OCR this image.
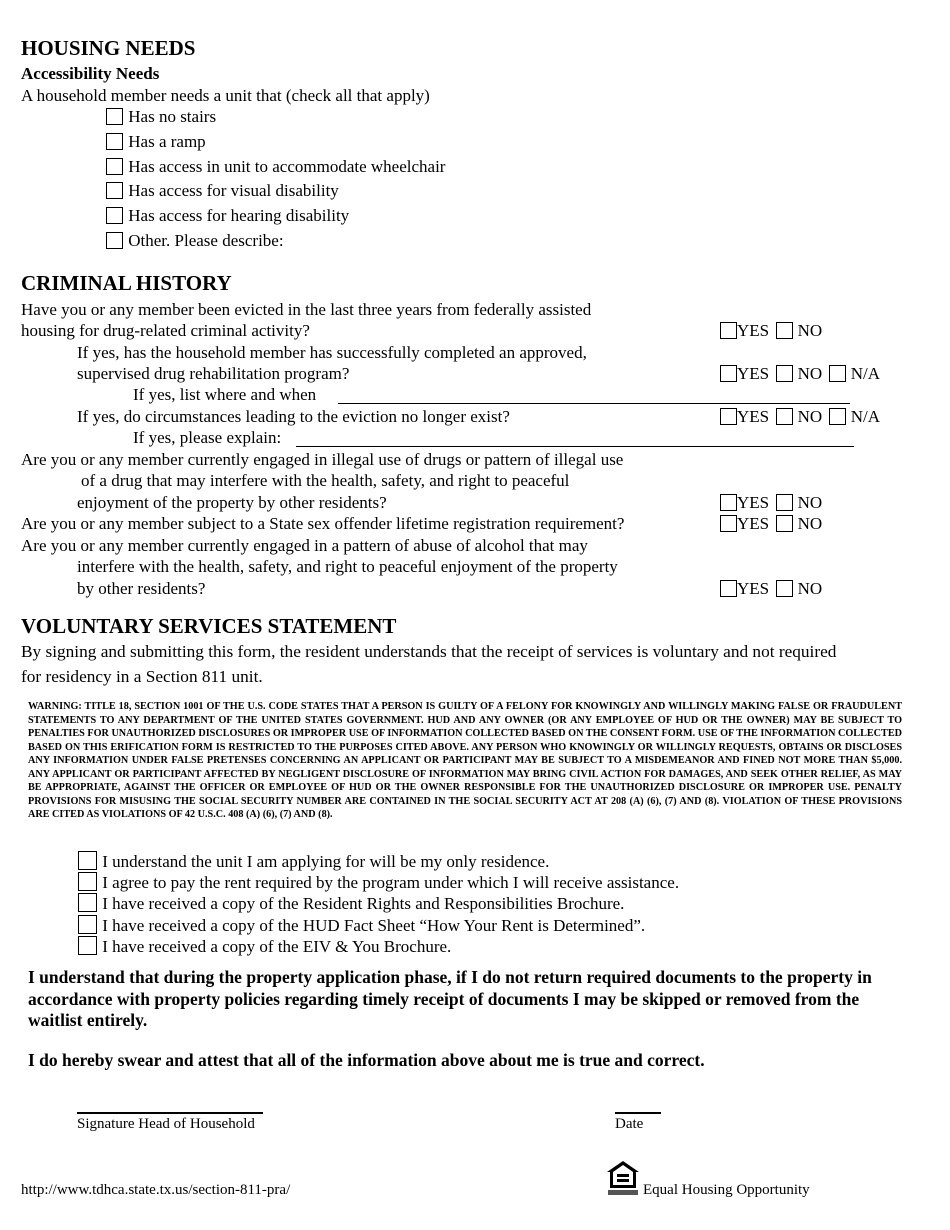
HOUSING NEEDS
Accessibility Needs
A household member needs a unit that (check all that apply)
Has no stairs
Has a ramp
Has access in unit to accommodate wheelchair
Has access for visual disability
Has access for hearing disability
Other. Please describe:
CRIMINAL HISTORY
Have you or any member been evicted in the last three years from federally assisted
housing for drug-related criminal activity?	YES NO
If yes, has the household member has successfully completed an approved,
supervised drug rehabilitation program?	YES NO N/A
If yes, list where and when
If yes, do circumstances leading to the eviction no longer exist?	YES NO N/A
If yes, please explain:
Are you or any member currently engaged in illegal use of drugs or pattern of illegal use
of a drug that may interfere with the health, safety, and right to peaceful
enjoyment of the property by other residents?	YES NO
Are you or any member subject to a State sex offender lifetime registration requirement?	YES NO
Are you or any member currently engaged in a pattern of abuse of alcohol that may
interfere with the health, safety, and right to peaceful enjoyment of the property
by other residents?	YES NO
VOLUNTARY SERVICES STATEMENT
By signing and submitting this form, the resident understands that the receipt of services is voluntary and not required
for residency in a Section 811 unit.
WARNING: TITLE 18, SECTION 1001 OF THE U.S. CODE STATES THAT A PERSON IS GUILTY OF A FELONY FOR KNOWINGLY AND WILLINGLY MAKING FALSE OR FRAUDULENT STATEMENTS TO ANY DEPARTMENT OF THE UNITED STATES GOVERNMENT. HUD AND ANY OWNER (OR ANY EMPLOYEE OF HUD OR THE OWNER) MAY BE SUBJECT TO PENALTIES FOR UNAUTHORIZED DISCLOSURES OR IMPROPER USE OF INFORMATION COLLECTED BASED ON THE CONSENT FORM. USE OF THE INFORMATION COLLECTED BASED ON THIS ERIFICATION FORM IS RESTRICTED TO THE PURPOSES CITED ABOVE. ANY PERSON WHO KNOWINGLY OR WILLINGLY REQUESTS, OBTAINS OR DISCLOSES ANY INFORMATION UNDER FALSE PRETENSES CONCERNING AN APPLICANT OR PARTICIPANT MAY BE SUBJECT TO A MISDEMEANOR AND FINED NOT MORE THAN $5,000. ANY APPLICANT OR PARTICIPANT AFFECTED BY NEGLIGENT DISCLOSURE OF INFORMATION MAY BRING CIVIL ACTION FOR DAMAGES, AND SEEK OTHER RELIEF, AS MAY BE APPROPRIATE, AGAINST THE OFFICER OR EMPLOYEE OF HUD OR THE OWNER RESPONSIBLE FOR THE UNAUTHORIZED DISCLOSURE OR IMPROPER USE. PENALTY PROVISIONS FOR MISUSING THE SOCIAL SECURITY NUMBER ARE CONTAINED IN THE SOCIAL SECURITY ACT AT 208 (A) (6), (7) AND (8). VIOLATION OF THESE PROVISIONS ARE CITED AS VIOLATIONS OF 42 U.S.C. 408 (A) (6), (7) AND (8).
I understand the unit I am applying for will be my only residence.
I agree to pay the rent required by the program under which I will receive assistance.
I have received a copy of the Resident Rights and Responsibilities Brochure.
I have received a copy of the HUD Fact Sheet “How Your Rent is Determined”.
I have received a copy of the EIV & You Brochure.
I understand that during the property application phase, if I do not return required documents to the property in accordance with property policies regarding timely receipt of documents I may be skipped or removed from the waitlist entirely.
I do hereby swear and attest that all of the information above about me is true and correct.
Signature Head of Household	Date
http://www.tdhca.state.tx.us/section-811-pra/	Equal Housing Opportunity
